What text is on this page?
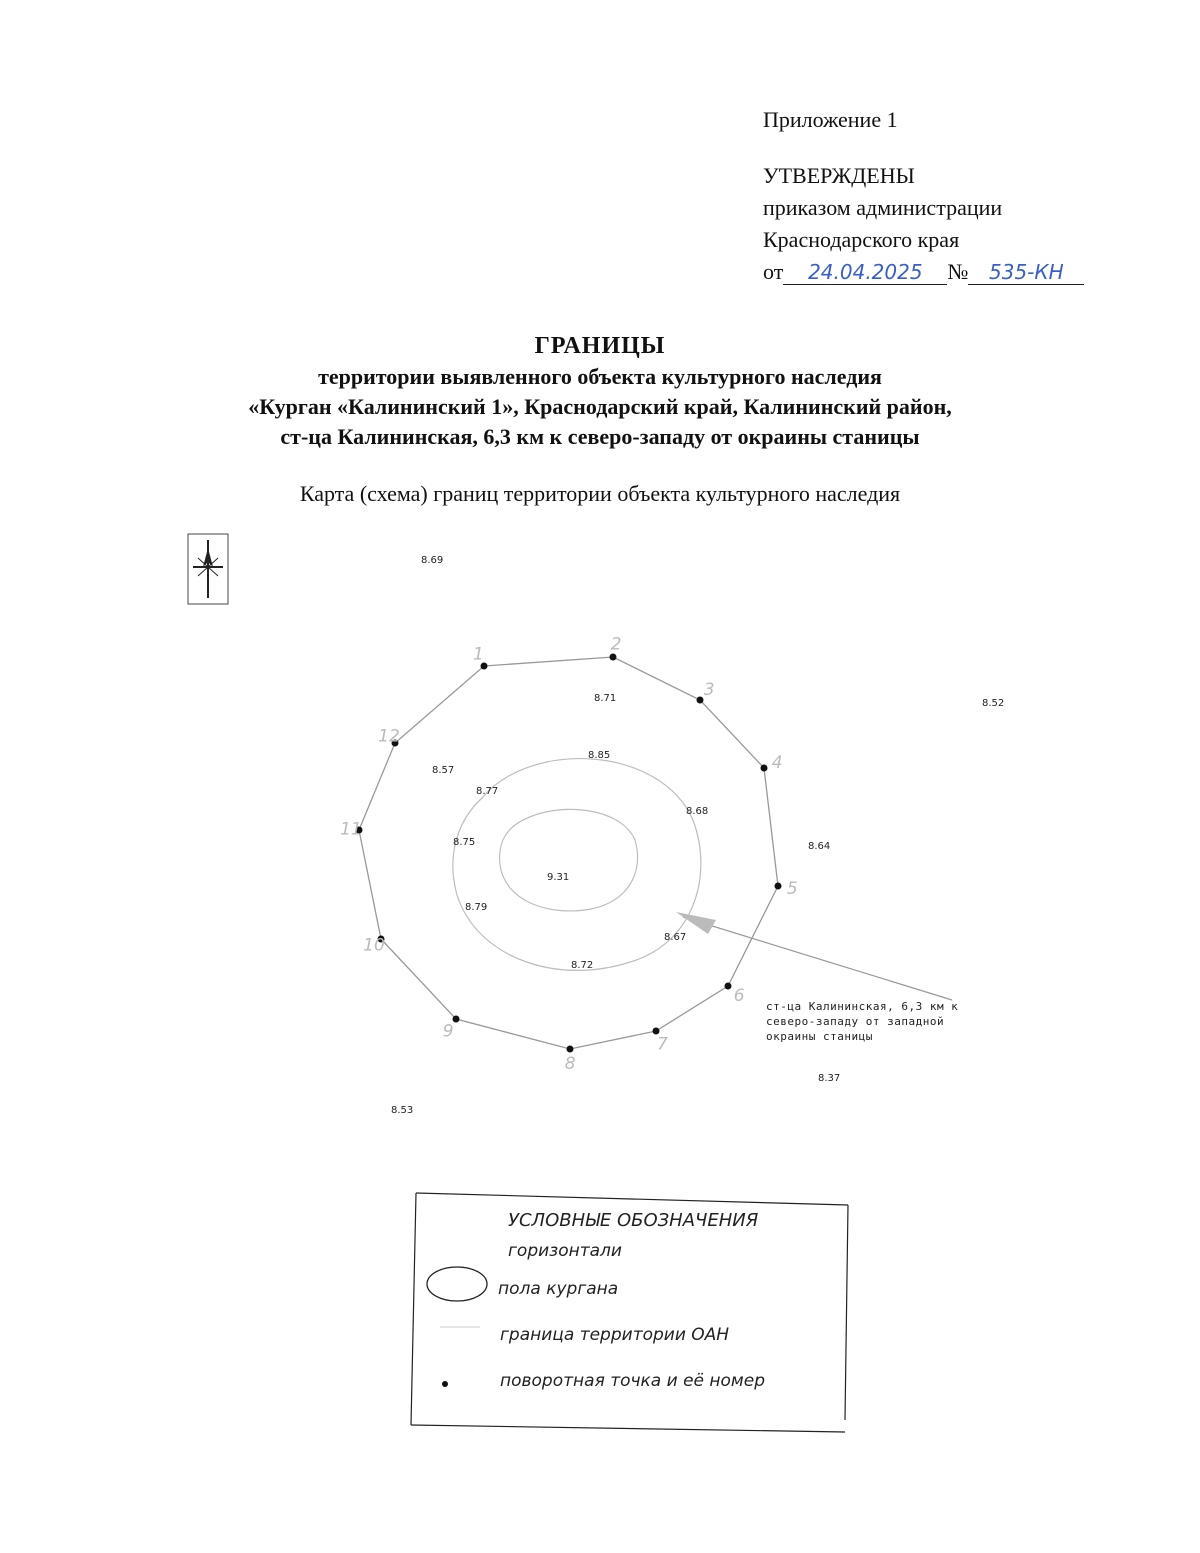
Приложение 1
УТВЕРЖДЕНЫ
приказом администрации
Краснодарского края
от 24.04.2025 № 535-КН
ГРАНИЦЫ
территории выявленного объекта культурного наследия
«Курган «Калининский 1», Краснодарский край, Калининский район,
ст-ца Калининская, 6,3 км к северо-западу от окраины станицы
Карта (схема) границ территории объекта культурного наследия
1
2
3
4
5
6
7
8
9
10
11
12
8.69
8.71	8.52
8.85
8.57
8.77
8.68
8.75	8.64
9.31
8.79
8.67
8.72
8.37
8.53
ст-ца Калининская, 6,3 км к
северо-западу от западной
окраины станицы
УСЛОВНЫЕ ОБОЗНАЧЕНИЯ
горизонтали
пола кургана
граница территории ОАН
поворотная точка и её номер
